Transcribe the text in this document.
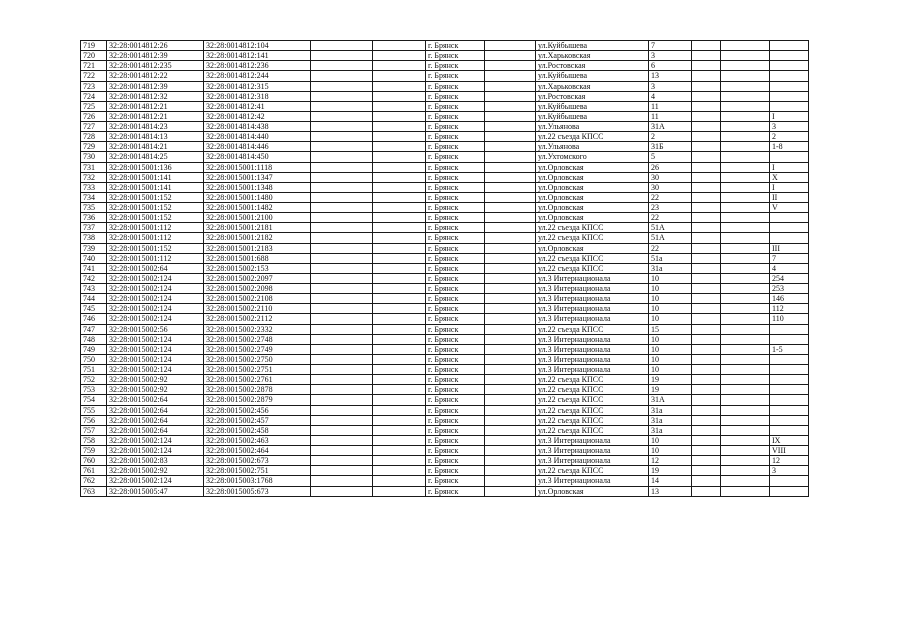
719	32:28:0014812:26	32:28:0014812:104			г. Брянск		ул.Куйбышева	7			
720	32:28:0014812:39	32:28:0014812:141			г. Брянск		ул.Харьковская	3			
721	32:28:0014812:235	32:28:0014812:236			г. Брянск		ул.Ростовская	6			
722	32:28:0014812:22	32:28:0014812:244			г. Брянск		ул.Куйбышева	13			
723	32:28:0014812:39	32:28:0014812:315			г. Брянск		ул.Харьковская	3			
724	32:28:0014812:32	32:28:0014812:318			г. Брянск		ул.Ростовская	4			
725	32:28:0014812:21	32:28:0014812:41			г. Брянск		ул.Куйбышева	11			
726	32:28:0014812:21	32:28:0014812:42			г. Брянск		ул.Куйбышева	11			I
727	32:28:0014814:23	32:28:0014814:438			г. Брянск		ул.Ульянова	31А			3
728	32:28:0014814:13	32:28:0014814:440			г. Брянск		ул.22 съезда КПСС	2			2
729	32:28:0014814:21	32:28:0014814:446			г. Брянск		ул.Ульянова	31Б			1-8
730	32:28:0014814:25	32:28:0014814:450			г. Брянск		ул.Ухтомского	5			
731	32:28:0015001:136	32:28:0015001:1118			г. Брянск		ул.Орловская	26			I
732	32:28:0015001:141	32:28:0015001:1347			г. Брянск		ул.Орловская	30			X
733	32:28:0015001:141	32:28:0015001:1348			г. Брянск		ул.Орловская	30			I
734	32:28:0015001:152	32:28:0015001:1480			г. Брянск		ул.Орловская	22			II
735	32:28:0015001:152	32:28:0015001:1482			г. Брянск		ул.Орловская	23			V
736	32:28:0015001:152	32:28:0015001:2100			г. Брянск		ул.Орловская	22			
737	32:28:0015001:112	32:28:0015001:2181			г. Брянск		ул.22 съезда КПСС	51А			
738	32:28:0015001:112	32:28:0015001:2182			г. Брянск		ул.22 съезда КПСС	51А			
739	32:28:0015001:152	32:28:0015001:2183			г. Брянск		ул.Орловская	22			III
740	32:28:0015001:112	32:28:0015001:688			г. Брянск		ул.22 съезда КПСС	51а			7
741	32:28:0015002:64	32:28:0015002:153			г. Брянск		ул.22 съезда КПСС	31а			4
742	32:28:0015002:124	32:28:0015002:2097			г. Брянск		ул.3 Интернационала	10			254
743	32:28:0015002:124	32:28:0015002:2098			г. Брянск		ул.3 Интернационала	10			253
744	32:28:0015002:124	32:28:0015002:2108			г. Брянск		ул.3 Интернационала	10			146
745	32:28:0015002:124	32:28:0015002:2110			г. Брянск		ул.3 Интернационала	10			112
746	32:28:0015002:124	32:28:0015002:2112			г. Брянск		ул.3 Интернационала	10			110
747	32:28:0015002:56	32:28:0015002:2332			г. Брянск		ул.22 съезда КПСС	15			
748	32:28:0015002:124	32:28:0015002:2748			г. Брянск		ул.3 Интернационала	10			
749	32:28:0015002:124	32:28:0015002:2749			г. Брянск		ул.3 Интернационала	10			1-5
750	32:28:0015002:124	32:28:0015002:2750			г. Брянск		ул.3 Интернационала	10			
751	32:28:0015002:124	32:28:0015002:2751			г. Брянск		ул.3 Интернационала	10			
752	32:28:0015002:92	32:28:0015002:2761			г. Брянск		ул.22 съезда КПСС	19			
753	32:28:0015002:92	32:28:0015002:2878			г. Брянск		ул.22 съезда КПСС	19			
754	32:28:0015002:64	32:28:0015002:2879			г. Брянск		ул.22 съезда КПСС	31А			
755	32:28:0015002:64	32:28:0015002:456			г. Брянск		ул.22 съезда КПСС	31а			
756	32:28:0015002:64	32:28:0015002:457			г. Брянск		ул.22 съезда КПСС	31а			
757	32:28:0015002:64	32:28:0015002:458			г. Брянск		ул.22 съезда КПСС	31а			
758	32:28:0015002:124	32:28:0015002:463			г. Брянск		ул.3 Интернационала	10			IX
759	32:28:0015002:124	32:28:0015002:464			г. Брянск		ул.3 Интернационала	10			VIII
760	32:28:0015002:83	32:28:0015002:673			г. Брянск		ул.3 Интернационала	12			12
761	32:28:0015002:92	32:28:0015002:751			г. Брянск		ул.22 съезда КПСС	19			3
762	32:28:0015002:124	32:28:0015003:1768			г. Брянск		ул.3 Интернационала	14			
763	32:28:0015005:47	32:28:0015005:673			г. Брянск		ул.Орловская	13			
